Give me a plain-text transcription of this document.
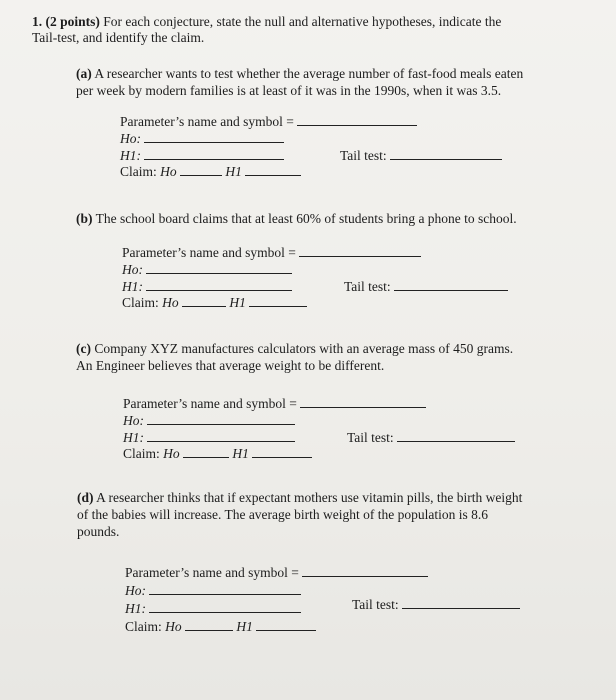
1. (2 points) For each conjecture, state the null and alternative hypotheses, indicate the
Tail-test, and identify the claim.
(a) A researcher wants to test whether the average number of fast-food meals eaten
per week by modern families is at least of it was in the 1990s, when it was 3.5.
Parameter’s name and symbol =
Ho:
H1:	Tail test:
Claim: Ho	H1
(b) The school board claims that at least 60% of students bring a phone to school.
Parameter’s name and symbol =
Ho:
H1:	Tail test:
Claim: Ho	H1
(c) Company XYZ manufactures calculators with an average mass of 450 grams.
An Engineer believes that average weight to be different.
Parameter’s name and symbol =
Ho:
H1:	Tail test:
Claim: Ho	H1
(d) A researcher thinks that if expectant mothers use vitamin pills, the birth weight
of the babies will increase. The average birth weight of the population is 8.6
pounds.
Parameter’s name and symbol =
Ho:
H1:	Tail test:
Claim: Ho	H1
